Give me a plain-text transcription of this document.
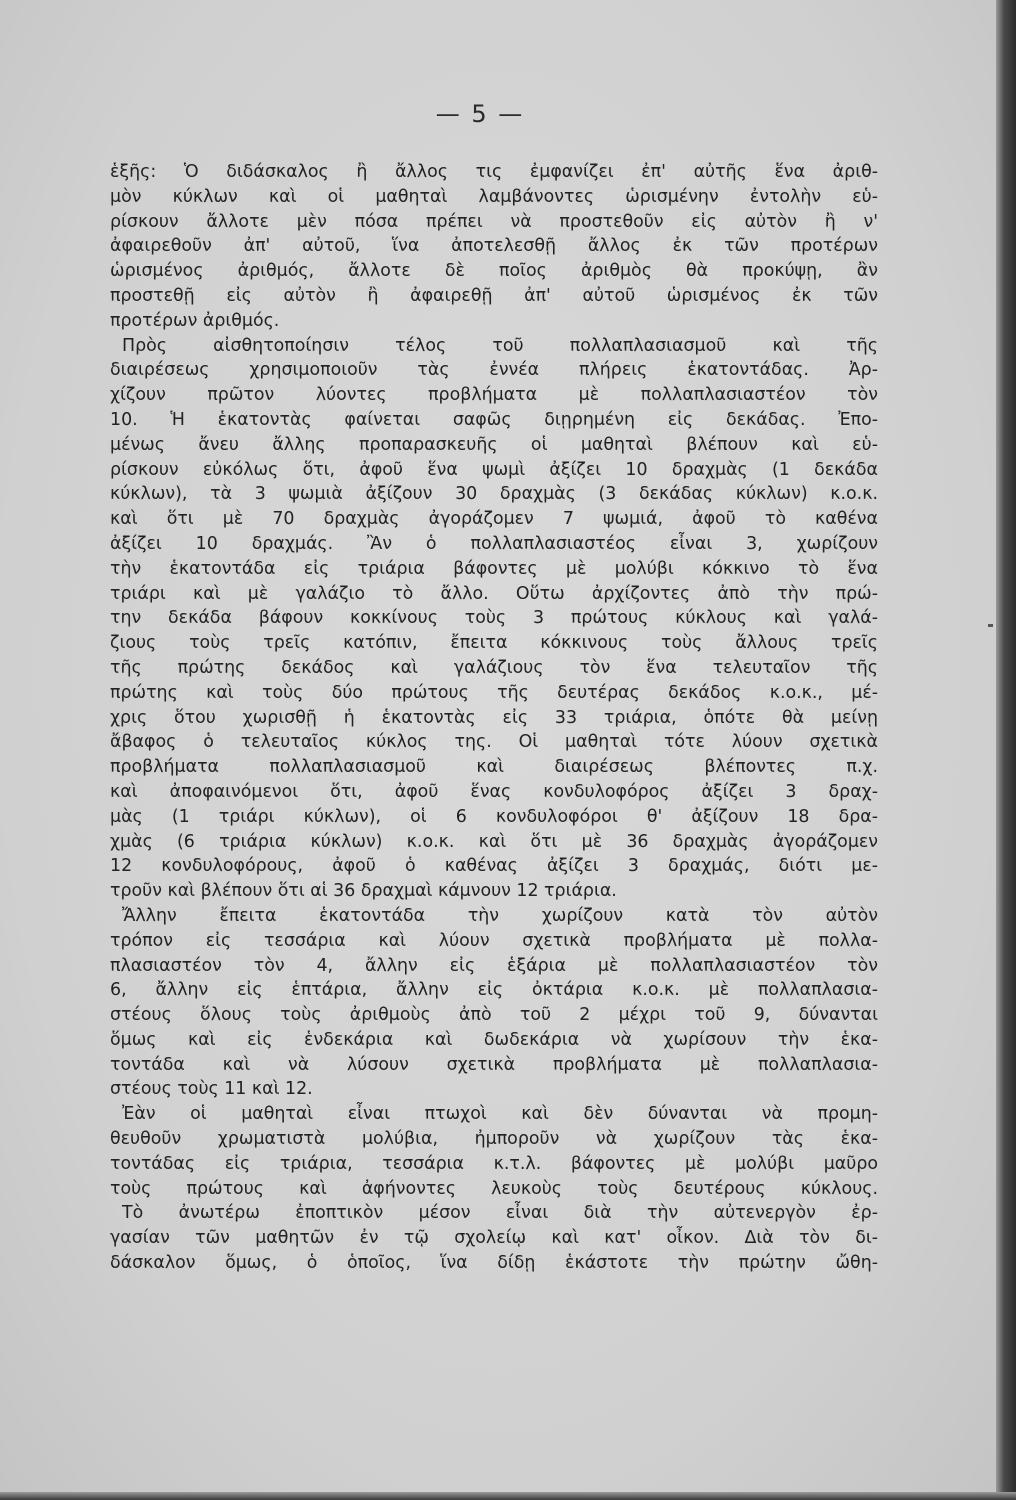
— 5 —
ἑξῆς: Ὁ διδάσκαλος ἢ ἄλλος τις ἐμφανίζει ἐπ' αὐτῆς ἕνα ἀριθ-
μὸν κύκλων καὶ οἱ μαθηταὶ λαμβάνοντες ὡρισμένην ἐντολὴν εὑ-
ρίσκουν ἄλλοτε μὲν πόσα πρέπει νὰ προστεθοῦν εἰς αὐτὸν ἢ ν'
ἀφαιρεθοῦν ἀπ' αὐτοῦ, ἵνα ἀποτελεσθῇ ἄλλος ἐκ τῶν προτέρων
ὡρισμένος ἀριθμός, ἄλλοτε δὲ ποῖος ἀριθμὸς θὰ προκύψῃ, ἂν
προστεθῇ εἰς αὐτὸν ἢ ἀφαιρεθῇ ἀπ' αὐτοῦ ὡρισμένος ἐκ τῶν
προτέρων ἀριθμός.
Πρὸς αἰσθητοποίησιν τέλος τοῦ πολλαπλασιασμοῦ καὶ τῆς
διαιρέσεως χρησιμοποιοῦν τὰς ἐννέα πλήρεις ἑκατοντάδας. Ἀρ-
χίζουν πρῶτον λύοντες προβλήματα μὲ πολλαπλασιαστέον τὸν
10. Ἡ ἑκατοντὰς φαίνεται σαφῶς διῃρημένη εἰς δεκάδας. Ἐπο-
μένως ἄνευ ἄλλης προπαρασκευῆς οἱ μαθηταὶ βλέπουν καὶ εὑ-
ρίσκουν εὐκόλως ὅτι, ἀφοῦ ἕνα ψωμὶ ἀξίζει 10 δραχμὰς (1 δεκάδα
κύκλων), τὰ 3 ψωμιὰ ἀξίζουν 30 δραχμὰς (3 δεκάδας κύκλων) κ.ο.κ.
καὶ ὅτι μὲ 70 δραχμὰς ἀγοράζομεν 7 ψωμιά, ἀφοῦ τὸ καθένα
ἀξίζει 10 δραχμάς. Ἂν ὁ πολλαπλασιαστέος εἶναι 3, χωρίζουν
τὴν ἑκατοντάδα εἰς τριάρια βάφοντες μὲ μολύβι κόκκινο τὸ ἕνα
τριάρι καὶ μὲ γαλάζιο τὸ ἄλλο. Οὕτω ἀρχίζοντες ἀπὸ τὴν πρώ-
την δεκάδα βάφουν κοκκίνους τοὺς 3 πρώτους κύκλους καὶ γαλά-
ζιους τοὺς τρεῖς κατόπιν, ἔπειτα κόκκινους τοὺς ἄλλους τρεῖς
τῆς πρώτης δεκάδος καὶ γαλάζιους τὸν ἕνα τελευταῖον τῆς
πρώτης καὶ τοὺς δύο πρώτους τῆς δευτέρας δεκάδος κ.ο.κ., μέ-
χρις ὅτου χωρισθῇ ἡ ἑκατοντὰς εἰς 33 τριάρια, ὁπότε θὰ μείνῃ
ἄβαφος ὁ τελευταῖος κύκλος της. Οἱ μαθηταὶ τότε λύουν σχετικὰ
προβλήματα πολλαπλασιασμοῦ καὶ διαιρέσεως βλέποντες π.χ.
καὶ ἀποφαινόμενοι ὅτι, ἀφοῦ ἕνας κονδυλοφόρος ἀξίζει 3 δραχ-
μὰς (1 τριάρι κύκλων), οἱ 6 κονδυλοφόροι θ' ἀξίζουν 18 δρα-
χμὰς (6 τριάρια κύκλων) κ.ο.κ. καὶ ὅτι μὲ 36 δραχμὰς ἀγοράζομεν
12 κονδυλοφόρους, ἀφοῦ ὁ καθένας ἀξίζει 3 δραχμάς, διότι με-
τροῦν καὶ βλέπουν ὅτι αἱ 36 δραχμαὶ κάμνουν 12 τριάρια.
Ἄλλην ἔπειτα ἑκατοντάδα τὴν χωρίζουν κατὰ τὸν αὐτὸν
τρόπον εἰς τεσσάρια καὶ λύουν σχετικὰ προβλήματα μὲ πολλα-
πλασιαστέον τὸν 4, ἄλλην εἰς ἑξάρια μὲ πολλαπλασιαστέον τὸν
6, ἄλλην εἰς ἑπτάρια, ἄλλην εἰς ὀκτάρια κ.ο.κ. μὲ πολλαπλασια-
στέους ὅλους τοὺς ἀριθμοὺς ἀπὸ τοῦ 2 μέχρι τοῦ 9, δύνανται
ὅμως καὶ εἰς ἑνδεκάρια καὶ δωδεκάρια νὰ χωρίσουν τὴν ἑκα-
τοντάδα καὶ νὰ λύσουν σχετικὰ προβλήματα μὲ πολλαπλασια-
στέους τοὺς 11 καὶ 12.
Ἐὰν οἱ μαθηταὶ εἶναι πτωχοὶ καὶ δὲν δύνανται νὰ προμη-
θευθοῦν χρωματιστὰ μολύβια, ἠμποροῦν νὰ χωρίζουν τὰς ἑκα-
τοντάδας εἰς τριάρια, τεσσάρια κ.τ.λ. βάφοντες μὲ μολύβι μαῦρο
τοὺς πρώτους καὶ ἀφήνοντες λευκοὺς τοὺς δευτέρους κύκλους.
Τὸ ἀνωτέρω ἐποπτικὸν μέσον εἶναι διὰ τὴν αὐτενεργὸν ἐρ-
γασίαν τῶν μαθητῶν ἐν τῷ σχολείῳ καὶ κατ' οἶκον. Διὰ τὸν δι-
δάσκαλον ὅμως, ὁ ὁποῖος, ἵνα δίδῃ ἑκάστοτε τὴν πρώτην ὤθη-
